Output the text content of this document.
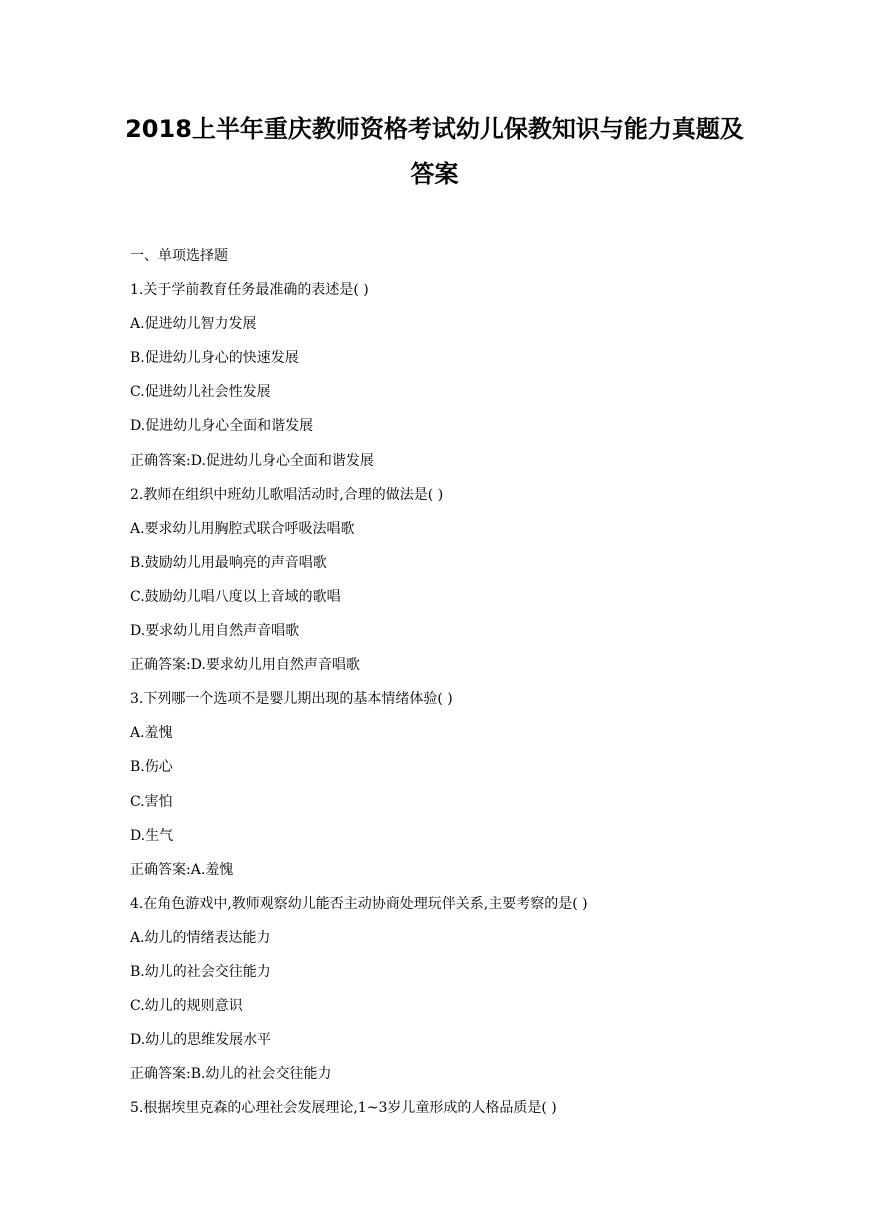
2018上半年重庆教师资格考试幼儿保教知识与能力真题及
答案
一、单项选择题
1.关于学前教育任务最准确的表述是( )
A.促进幼儿智力发展
B.促进幼儿身心的快速发展
C.促进幼儿社会性发展
D.促进幼儿身心全面和谐发展
正确答案:D.促进幼儿身心全面和谐发展
2.教师在组织中班幼儿歌唱活动时,合理的做法是( )
A.要求幼儿用胸腔式联合呼吸法唱歌
B.鼓励幼儿用最响亮的声音唱歌
C.鼓励幼儿唱八度以上音域的歌唱
D.要求幼儿用自然声音唱歌
正确答案:D.要求幼儿用自然声音唱歌
3.下列哪一个选项不是婴儿期出现的基本情绪体验( )
A.羞愧
B.伤心
C.害怕
D.生气
正确答案:A.羞愧
4.在角色游戏中,教师观察幼儿能否主动协商处理玩伴关系,主要考察的是( )
A.幼儿的情绪表达能力
B.幼儿的社会交往能力
C.幼儿的规则意识
D.幼儿的思维发展水平
正确答案:B.幼儿的社会交往能力
5.根据埃里克森的心理社会发展理论,1~3岁儿童形成的人格品质是( )
